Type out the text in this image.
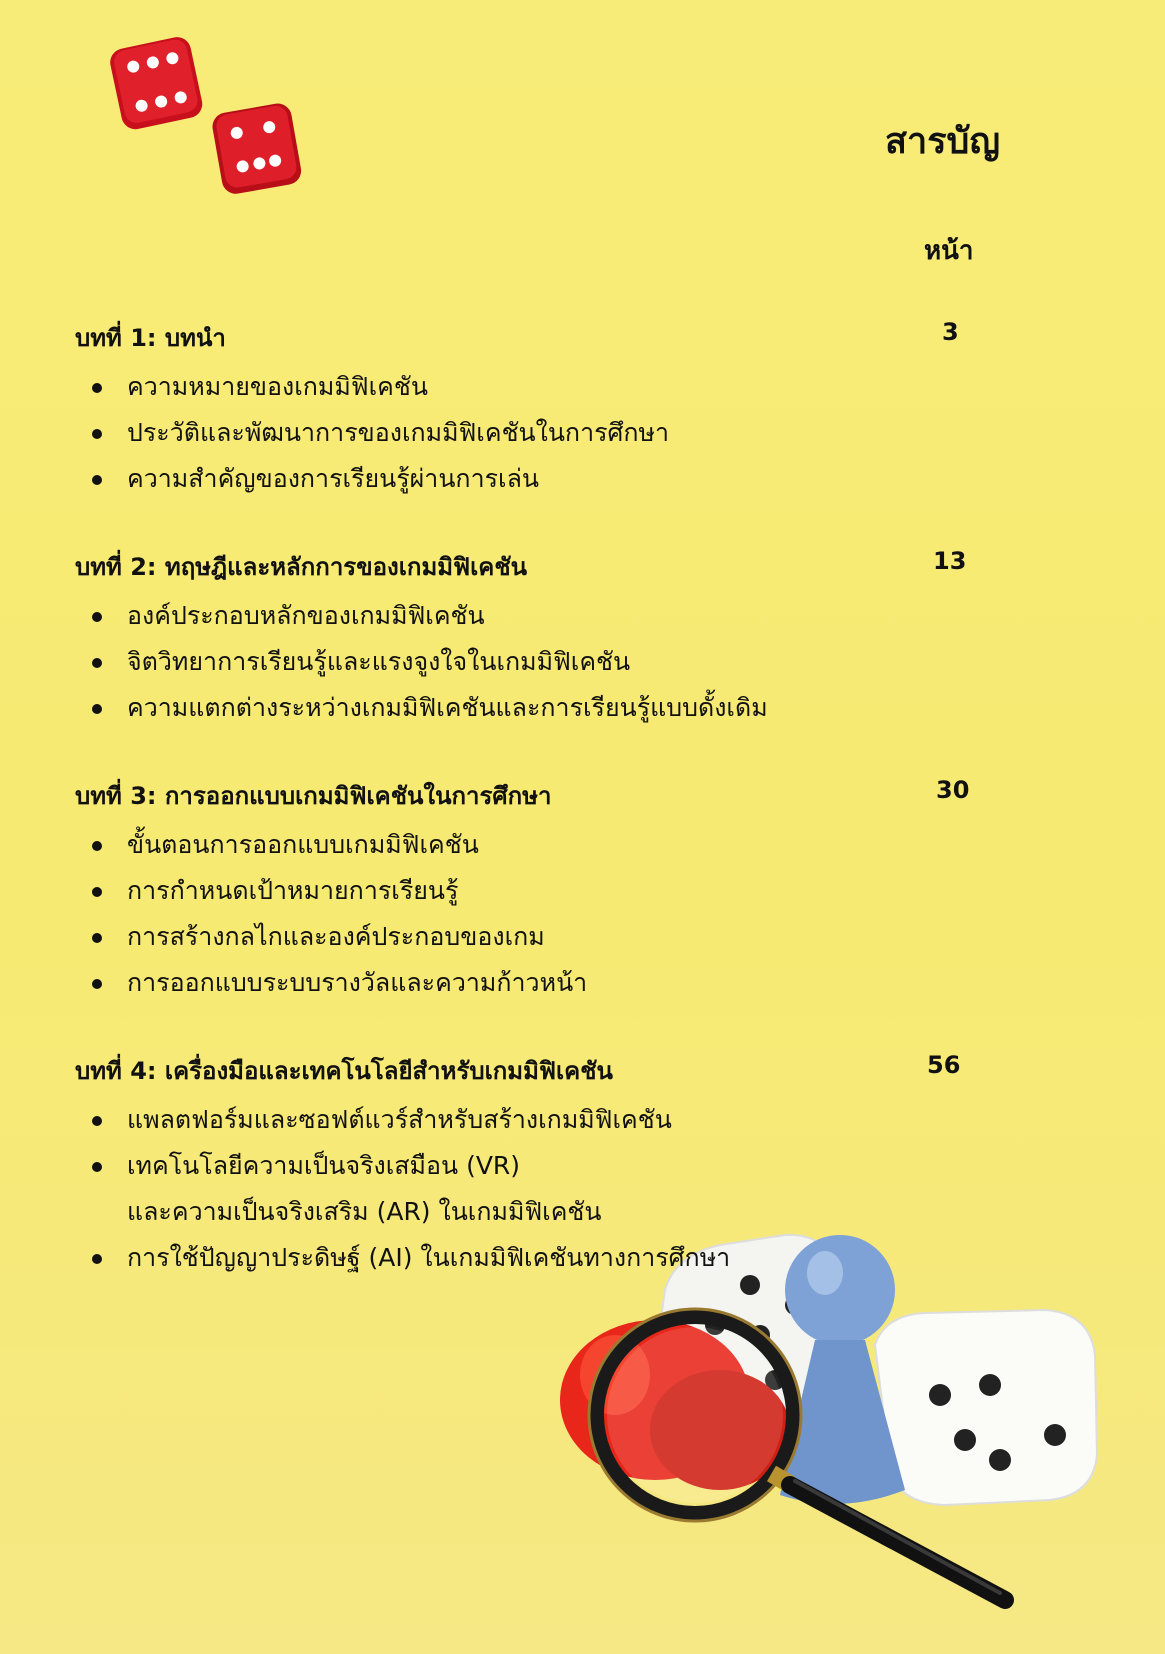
สารบัญ
หน้า
บทที่ 1: บทนำ	3
ความหมายของเกมมิฟิเคชัน
ประวัติและพัฒนาการของเกมมิฟิเคชันในการศึกษา
ความสำคัญของการเรียนรู้ผ่านการเล่น
บทที่ 2: ทฤษฎีและหลักการของเกมมิฟิเคชัน	13
องค์ประกอบหลักของเกมมิฟิเคชัน
จิตวิทยาการเรียนรู้และแรงจูงใจในเกมมิฟิเคชัน
ความแตกต่างระหว่างเกมมิฟิเคชันและการเรียนรู้แบบดั้งเดิม
บทที่ 3: การออกแบบเกมมิฟิเคชันในการศึกษา	30
ขั้นตอนการออกแบบเกมมิฟิเคชัน
การกำหนดเป้าหมายการเรียนรู้
การสร้างกลไกและองค์ประกอบของเกม
การออกแบบระบบรางวัลและความก้าวหน้า
บทที่ 4: เครื่องมือและเทคโนโลยีสำหรับเกมมิฟิเคชัน	56
แพลตฟอร์มและซอฟต์แวร์สำหรับสร้างเกมมิฟิเคชัน
เทคโนโลยีความเป็นจริงเสมือน (VR)
และความเป็นจริงเสริม (AR) ในเกมมิฟิเคชัน
การใช้ปัญญาประดิษฐ์ (AI) ในเกมมิฟิเคชันทางการศึกษา
